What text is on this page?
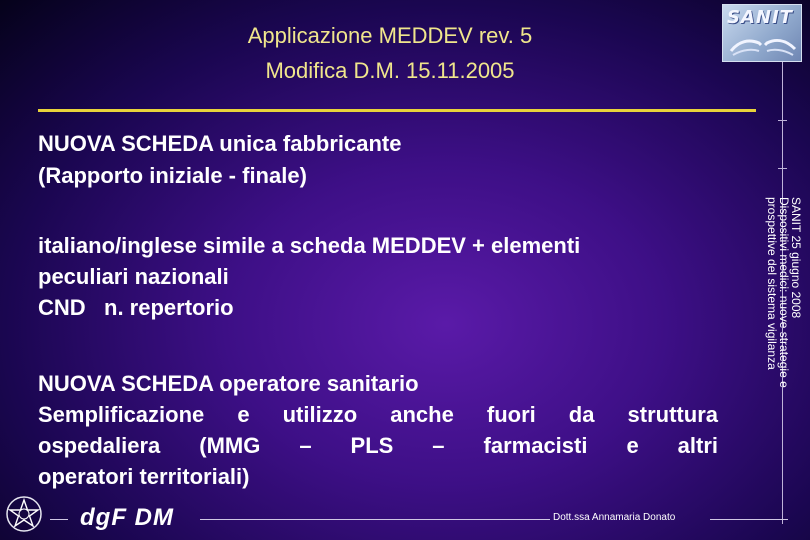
Applicazione MEDDEV rev. 5
Modifica D.M. 15.11.2005
SANIT
SANIT 25 giugno 2008
Dispositivi medici: nuove strategie e
prospettive del sistema vigilanza
NUOVA SCHEDA unica fabbricante
(Rapporto iniziale - finale)
italiano/inglese simile a scheda MEDDEV + elementi
peculiari nazionali
CND   n. repertorio
NUOVA SCHEDA operatore sanitario
Semplificazione e utilizzo anche fuori da struttura
ospedaliera (MMG – PLS – farmacisti e altri
operatori territoriali)
dgF DM	Dott.ssa Annamaria Donato
